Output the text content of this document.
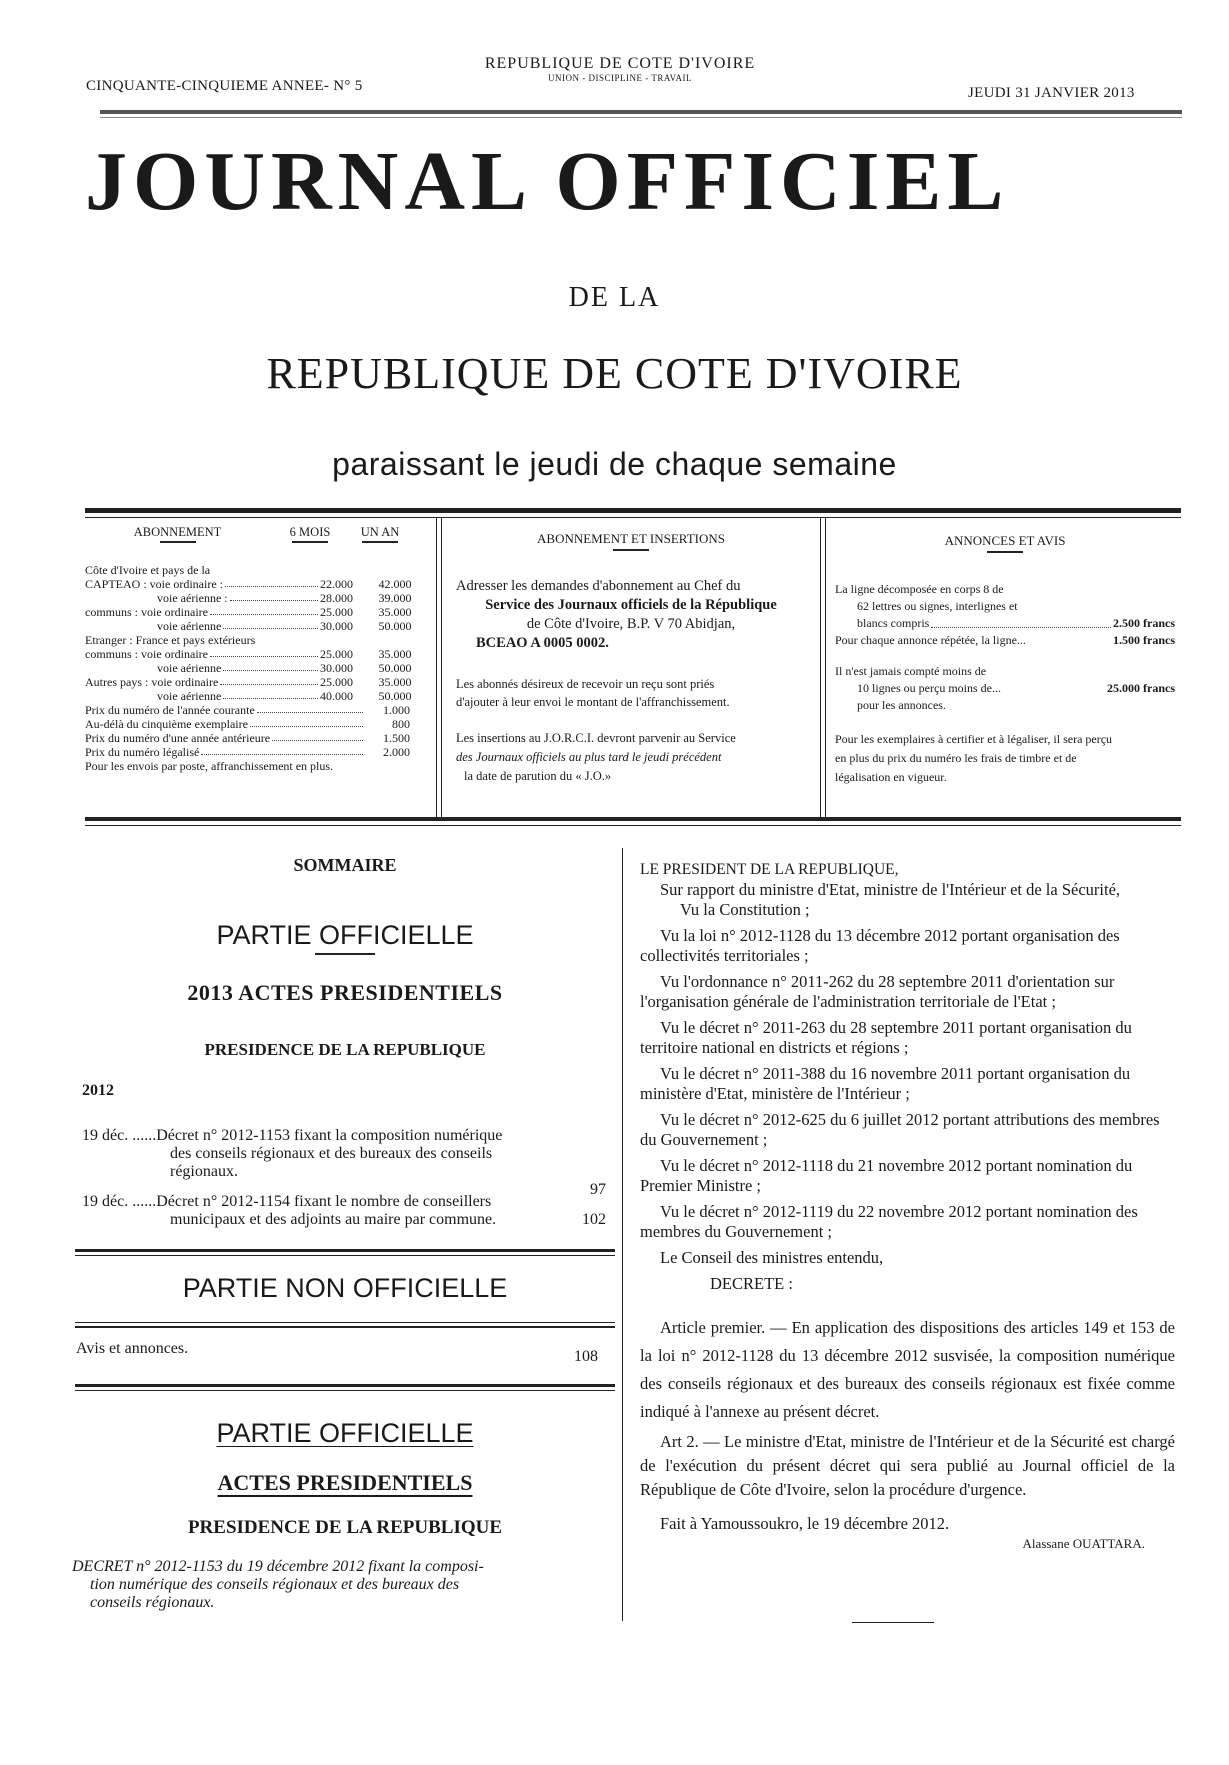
CINQUANTE-CINQUIEME ANNEE- N° 5
REPUBLIQUE DE COTE D'IVOIRE
UNION - DISCIPLINE - TRAVAIL
JEUDI 31 JANVIER 2013
JOURNAL OFFICIEL
DE LA
REPUBLIQUE DE COTE D'IVOIRE
paraissant le jeudi de chaque semaine
ABONNEMENT	6 MOIS	UN AN
Côte d'Ivoire et pays de la
CAPTEAO : voie ordinaire :	22.000	42.000
voie aérienne :	28.000	39.000
communs : voie ordinaire	25.000	35.000
voie aérienne	30.000	50.000
Etranger : France et pays extérieurs
communs : voie ordinaire	25.000	35.000
voie aérienne	30.000	50.000
Autres pays : voie ordinaire	25.000	35.000
voie aérienne	40.000	50.000
Prix du numéro de l'année courante	1.000
Au-délà du cinquième exemplaire	800
Prix du numéro d'une année antérieure	1.500
Prix du numéro légalisé	2.000
Pour les envois par poste, affranchissement en plus.
ABONNEMENT ET INSERTIONS
Adresser les demandes d'abonnement au Chef du
Service des Journaux officiels de la République
de Côte d'Ivoire, B.P. V 70 Abidjan,
BCEAO A 0005 0002.
Les abonnés désireux de recevoir un reçu sont priés
d'ajouter à leur envoi le montant de l'affranchissement.
Les insertions au J.O.R.C.I. devront parvenir au Service
des Journaux officiels au plus tard le jeudi précédent
la date de parution du « J.O.»
ANNONCES ET AVIS
La ligne décomposée en corps 8 de
62 lettres ou signes, interlignes et
blancs compris	2.500 francs
Pour chaque annonce répétée, la ligne...	1.500 francs
Il n'est jamais compté moins de
10 lignes ou perçu moins de...	25.000 francs
pour les annonces.
Pour les exemplaires à certifier et à légaliser, il sera perçu
en plus du prix du numéro les frais de timbre et de
légalisation en vigueur.
SOMMAIRE
PARTIE OFFICIELLE
2013 ACTES PRESIDENTIELS
PRESIDENCE DE LA REPUBLIQUE
2012
19 déc. ......Décret n° 2012-1153 fixant la composition numérique
des conseils régionaux et des bureaux des conseils
régionaux.
97
19 déc. ......Décret n° 2012-1154 fixant le nombre de conseillers
municipaux et des adjoints au maire par commune.	102
PARTIE NON OFFICIELLE
Avis et annonces.	108
PARTIE OFFICIELLE
ACTES PRESIDENTIELS
PRESIDENCE DE LA REPUBLIQUE
DECRET n° 2012-1153 du 19 décembre 2012 fixant la composi-
tion numérique des conseils régionaux et des bureaux des
conseils régionaux.
LE PRESIDENT DE LA REPUBLIQUE,

Sur rapport du ministre d'Etat, ministre de l'Intérieur et de la Sécurité,

Vu la Constitution ;

Vu la loi n° 2012-1128 du 13 décembre 2012 portant organisation des collectivités territoriales ;

Vu l'ordonnance n° 2011-262 du 28 septembre 2011 d'orientation sur l'organisation générale de l'administration territoriale de l'Etat ;

Vu le décret n° 2011-263 du 28 septembre 2011 portant organisation du territoire national en districts et régions ;

Vu le décret n° 2011-388 du 16 novembre 2011 portant organisation du ministère d'Etat, ministère de l'Intérieur ;

Vu le décret n° 2012-625 du 6 juillet 2012 portant attributions des membres du Gouvernement ;

Vu le décret n° 2012-1118 du 21 novembre 2012 portant nomination du Premier Ministre ;

Vu le décret n° 2012-1119 du 22 novembre 2012 portant nomination des membres du Gouvernement ;

Le Conseil des ministres entendu,

DECRETE :

Article premier. — En application des dispositions des articles 149 et 153 de la loi n° 2012-1128 du 13 décembre 2012 susvisée, la composition numérique des conseils régionaux et des bureaux des conseils régionaux est fixée comme indiqué à l'annexe au présent décret.

Art 2. — Le ministre d'Etat, ministre de l'Intérieur et de la Sécurité est chargé de l'exécution du présent décret qui sera publié au Journal officiel de la République de Côte d'Ivoire, selon la procédure d'urgence.

Fait à Yamoussoukro, le 19 décembre 2012.

Alassane OUATTARA.
